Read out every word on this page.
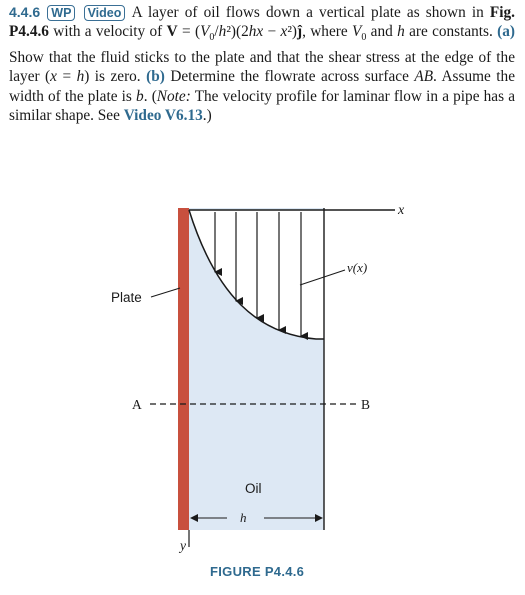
4.4.6 WP Video A layer of oil flows down a vertical plate as shown in Fig. P4.4.6 with a velocity of $V = (V_0/h^2)(2hx$ − x²)ĵ, where $V_0$ and h are constants. (a) Show that the fluid sticks to the plate and that the shear stress at the edge of the layer (x = h) is zero. (b) Determine the flowrate across surface AB. Assume the width of the plate is b. (Note: The velocity profile for laminar flow in a pipe has a similar shape. See Video V6.13.)
x
v(x)
Plate
A	B
Oil
h
y
FIGURE P4.4.6
